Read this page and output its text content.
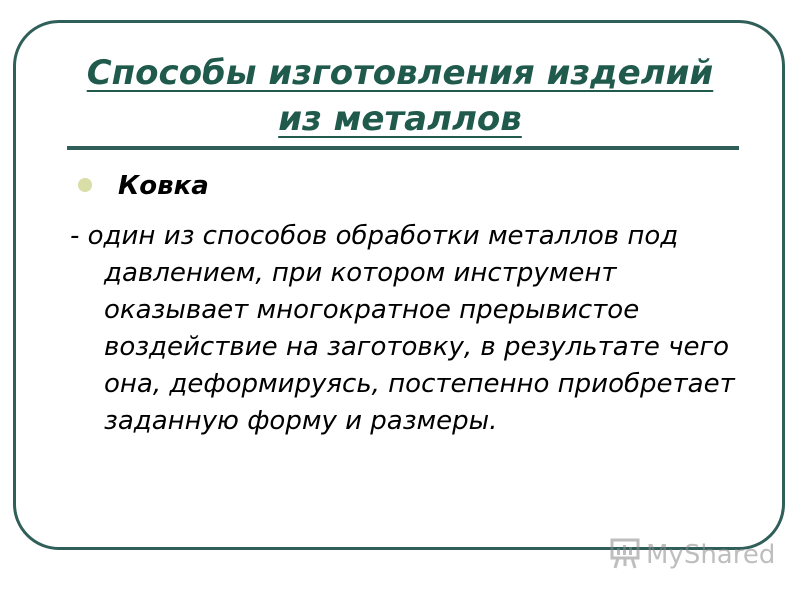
Способы изготовления изделий из металлов
Ковка
- один из способов обработки металлов под давлением, при котором инструмент оказывает многократное прерывистое воздействие на заготовку, в результате чего она, деформируясь, постепенно приобретает заданную форму и размеры.
MyShared
